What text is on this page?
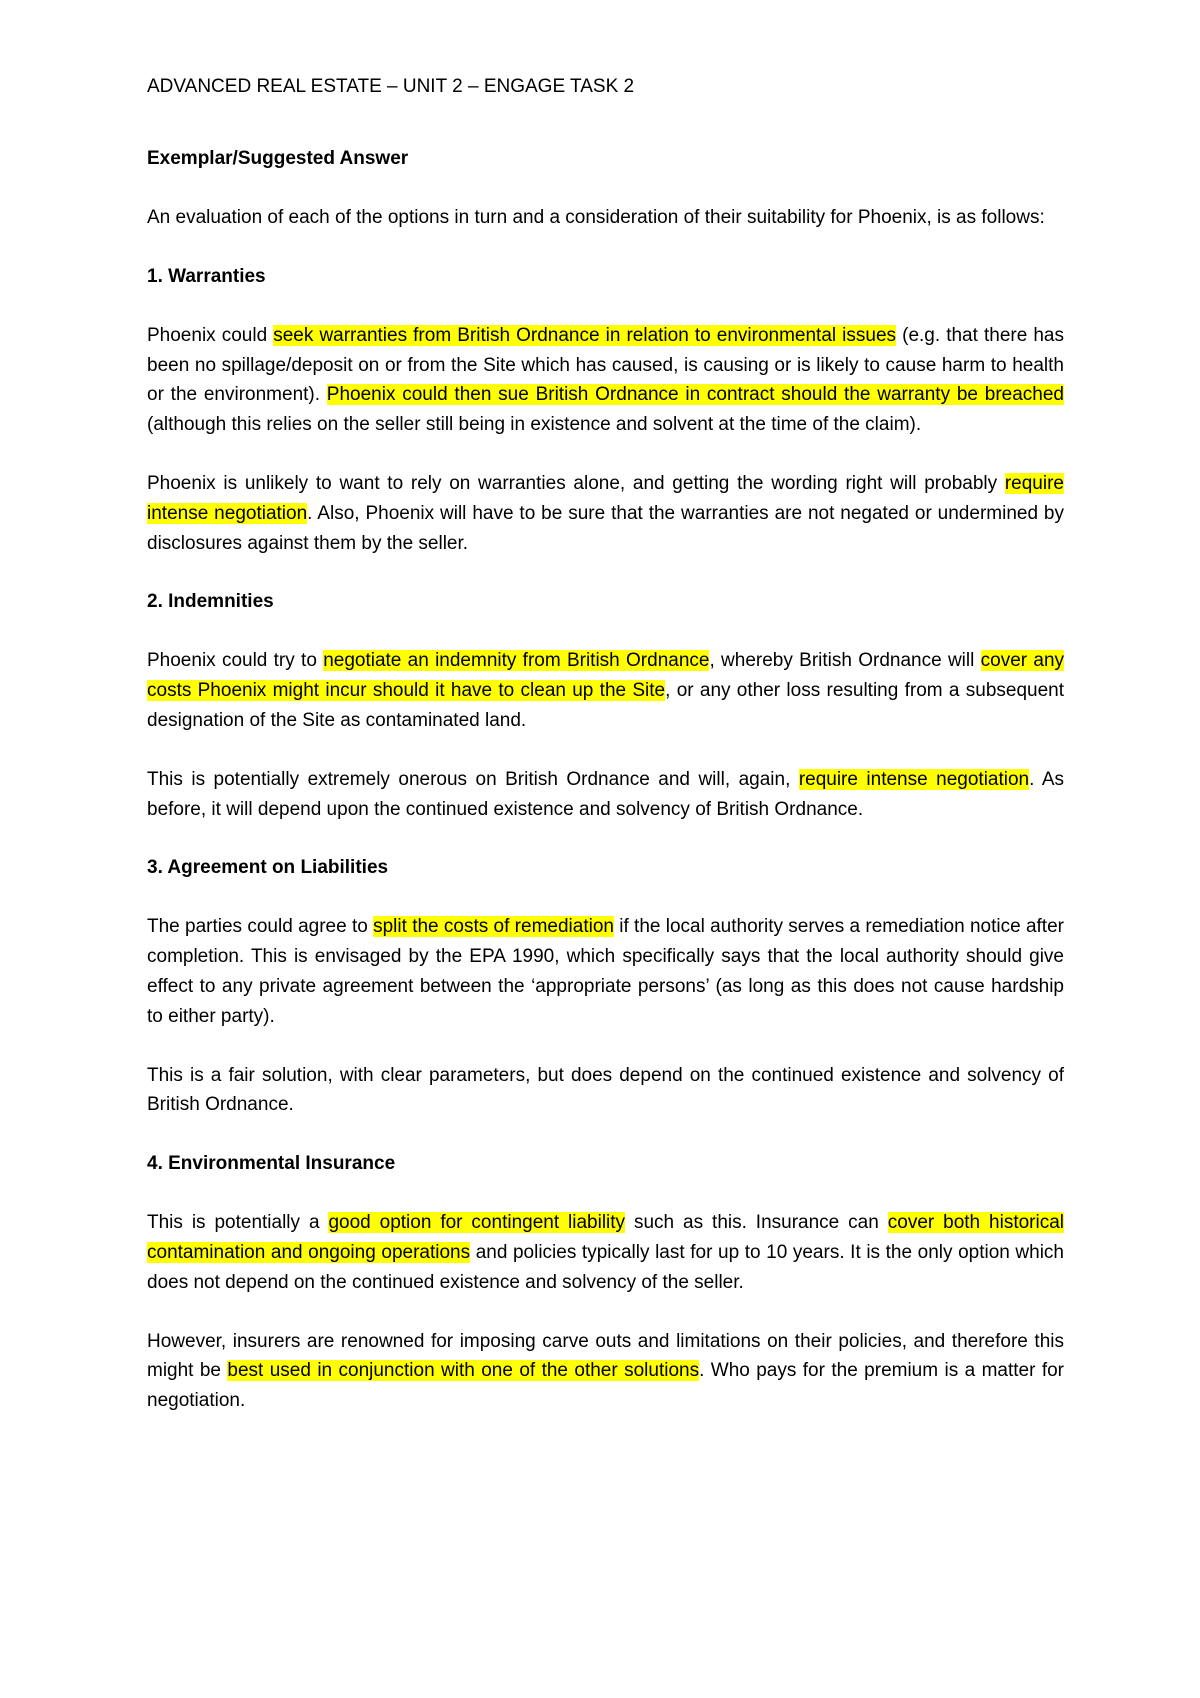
ADVANCED REAL ESTATE – UNIT 2 – ENGAGE TASK 2
Exemplar/Suggested Answer

An evaluation of each of the options in turn and a consideration of their suitability for Phoenix, is as follows:

1. Warranties

Phoenix could seek warranties from British Ordnance in relation to environmental issues (e.g. that there has been no spillage/deposit on or from the Site which has caused, is causing or is likely to cause harm to health or the environment). Phoenix could then sue British Ordnance in contract should the warranty be breached (although this relies on the seller still being in existence and solvent at the time of the claim).

Phoenix is unlikely to want to rely on warranties alone, and getting the wording right will probably require intense negotiation. Also, Phoenix will have to be sure that the warranties are not negated or undermined by disclosures against them by the seller.

2. Indemnities

Phoenix could try to negotiate an indemnity from British Ordnance, whereby British Ordnance will cover any costs Phoenix might incur should it have to clean up the Site, or any other loss resulting from a subsequent designation of the Site as contaminated land.

This is potentially extremely onerous on British Ordnance and will, again, require intense negotiation. As before, it will depend upon the continued existence and solvency of British Ordnance.

3. Agreement on Liabilities

The parties could agree to split the costs of remediation if the local authority serves a remediation notice after completion. This is envisaged by the EPA 1990, which specifically says that the local authority should give effect to any private agreement between the ‘appropriate persons’ (as long as this does not cause hardship to either party).

This is a fair solution, with clear parameters, but does depend on the continued existence and solvency of British Ordnance.

4. Environmental Insurance

This is potentially a good option for contingent liability such as this. Insurance can cover both historical contamination and ongoing operations and policies typically last for up to 10 years. It is the only option which does not depend on the continued existence and solvency of the seller.

However, insurers are renowned for imposing carve outs and limitations on their policies, and therefore this might be best used in conjunction with one of the other solutions. Who pays for the premium is a matter for negotiation.
